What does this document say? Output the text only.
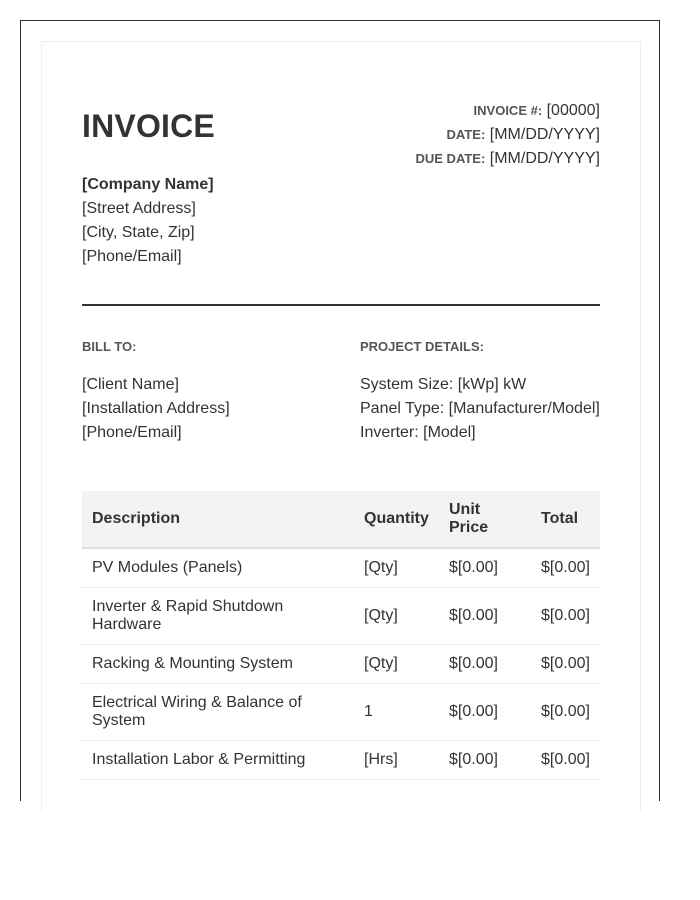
INVOICE	INVOICE #: [00000]
DATE: [MM/DD/YYYY]
DUE DATE: [MM/DD/YYYY]
[Company Name]
[Street Address]
[City, State, Zip]
[Phone/Email]
BILL TO:	PROJECT DETAILS:
[Client Name]
[Installation Address]
[Phone/Email]
System Size: [kWp] kW
Panel Type: [Manufacturer/Model]
Inverter: [Model]
Description	Quantity	Unit Price	Total
PV Modules (Panels)	[Qty]	$[0.00]	$[0.00]
Inverter & Rapid Shutdown Hardware	[Qty]	$[0.00]	$[0.00]
Racking & Mounting System	[Qty]	$[0.00]	$[0.00]
Electrical Wiring & Balance of System	1	$[0.00]	$[0.00]
Installation Labor & Permitting	[Hrs]	$[0.00]	$[0.00]
